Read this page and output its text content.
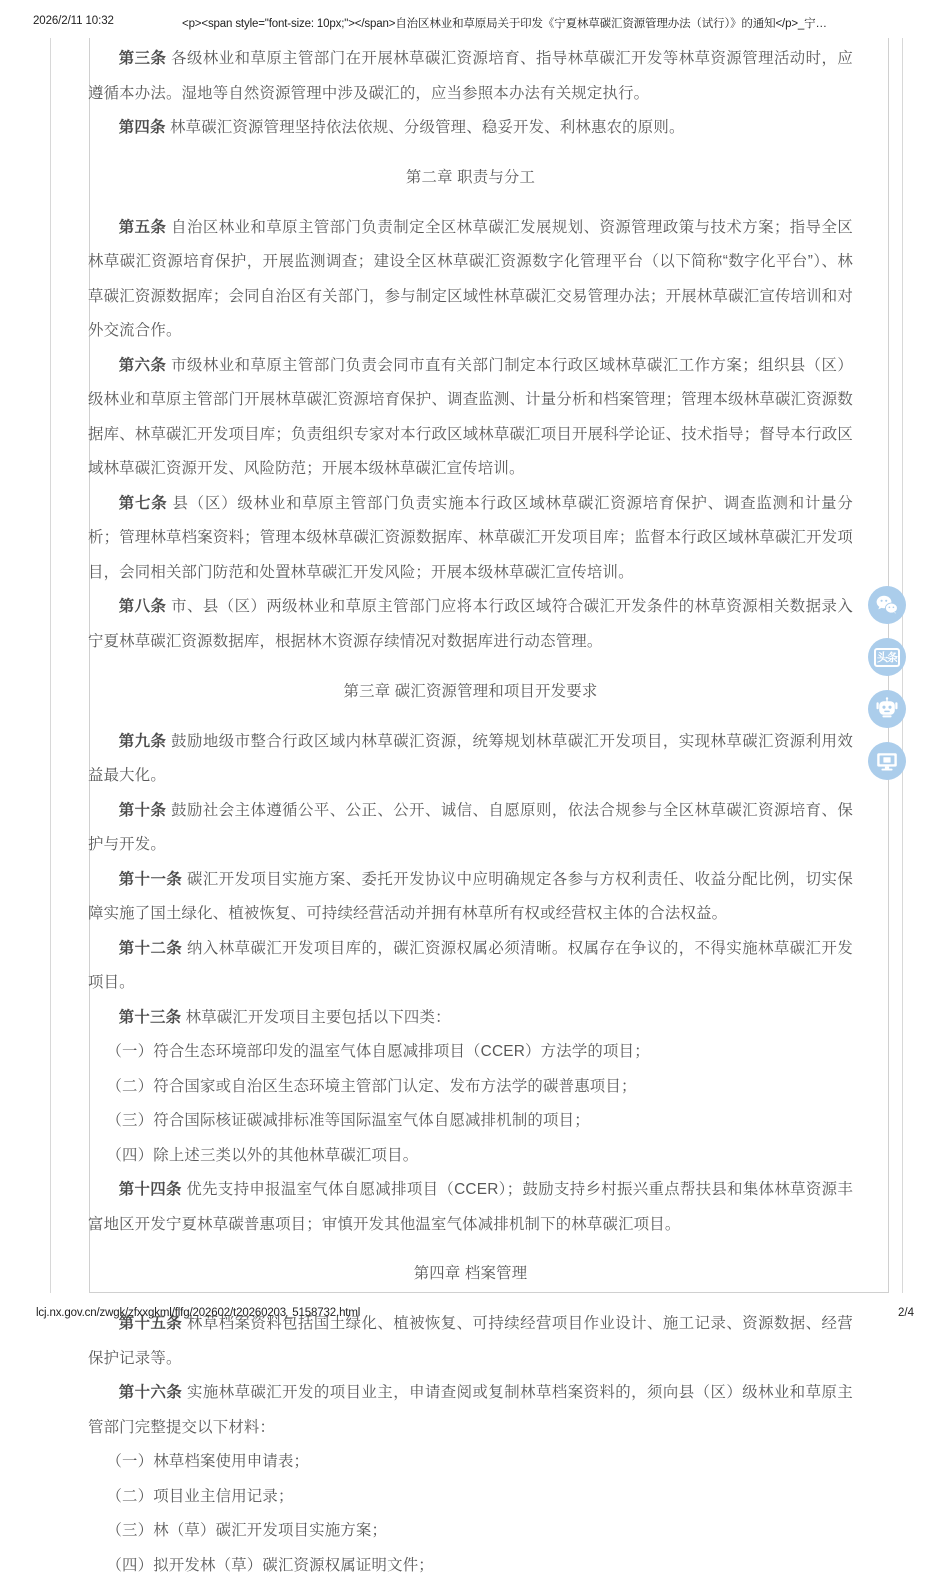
2026/2/11 10:32	<p><span style="font-size: 10px;"></span>自治区林业和草原局关于印发《宁夏林草碳汇资源管理办法（试行）》的通知</p>_宁…

第三条 各级林业和草原主管部门在开展林草碳汇资源培育、指导林草碳汇开发等林草资源管理活动时，应遵循本办法。湿地等自然资源管理中涉及碳汇的，应当参照本办法有关规定执行。

第四条 林草碳汇资源管理坚持依法依规、分级管理、稳妥开发、利林惠农的原则。

第二章 职责与分工

第五条 自治区林业和草原主管部门负责制定全区林草碳汇发展规划、资源管理政策与技术方案；指导全区林草碳汇资源培育保护，开展监测调查；建设全区林草碳汇资源数字化管理平台（以下简称“数字化平台”）、林草碳汇资源数据库；会同自治区有关部门，参与制定区域性林草碳汇交易管理办法；开展林草碳汇宣传培训和对外交流合作。

第六条 市级林业和草原主管部门负责会同市直有关部门制定本行政区域林草碳汇工作方案；组织县（区）级林业和草原主管部门开展林草碳汇资源培育保护、调查监测、计量分析和档案管理；管理本级林草碳汇资源数据库、林草碳汇开发项目库；负责组织专家对本行政区域林草碳汇项目开展科学论证、技术指导；督导本行政区域林草碳汇资源开发、风险防范；开展本级林草碳汇宣传培训。

第七条 县（区）级林业和草原主管部门负责实施本行政区域林草碳汇资源培育保护、调查监测和计量分析；管理林草档案资料；管理本级林草碳汇资源数据库、林草碳汇开发项目库；监督本行政区域林草碳汇开发项目，会同相关部门防范和处置林草碳汇开发风险；开展本级林草碳汇宣传培训。

第八条 市、县（区）两级林业和草原主管部门应将本行政区域符合碳汇开发条件的林草资源相关数据录入宁夏林草碳汇资源数据库，根据林木资源存续情况对数据库进行动态管理。

第三章 碳汇资源管理和项目开发要求

第九条 鼓励地级市整合行政区域内林草碳汇资源，统筹规划林草碳汇开发项目，实现林草碳汇资源利用效益最大化。

第十条 鼓励社会主体遵循公平、公正、公开、诚信、自愿原则，依法合规参与全区林草碳汇资源培育、保护与开发。

第十一条 碳汇开发项目实施方案、委托开发协议中应明确规定各参与方权利责任、收益分配比例，切实保障实施了国土绿化、植被恢复、可持续经营活动并拥有林草所有权或经营权主体的合法权益。

第十二条 纳入林草碳汇开发项目库的，碳汇资源权属必须清晰。权属存在争议的，不得实施林草碳汇开发项目。

第十三条 林草碳汇开发项目主要包括以下四类：

（一）符合生态环境部印发的温室气体自愿减排项目（CCER）方法学的项目；

（二）符合国家或自治区生态环境主管部门认定、发布方法学的碳普惠项目；

（三）符合国际核证碳减排标准等国际温室气体自愿减排机制的项目；

（四）除上述三类以外的其他林草碳汇项目。

第十四条 优先支持申报温室气体自愿减排项目（CCER）；鼓励支持乡村振兴重点帮扶县和集体林草资源丰富地区开发宁夏林草碳普惠项目；审慎开发其他温室气体减排机制下的林草碳汇项目。

第四章 档案管理

第十五条 林草档案资料包括国土绿化、植被恢复、可持续经营项目作业设计、施工记录、资源数据、经营保护记录等。

第十六条 实施林草碳汇开发的项目业主，申请查阅或复制林草档案资料的，须向县（区）级林业和草原主管部门完整提交以下材料：

（一）林草档案使用申请表；

（二）项目业主信用记录；

（三）林（草）碳汇开发项目实施方案；

（四）拟开发林（草）碳汇资源权属证明文件；

头条
lcj.nx.gov.cn/zwgk/zfxxgkml/flfg/202602/t20260203_5158732.html	2/4
